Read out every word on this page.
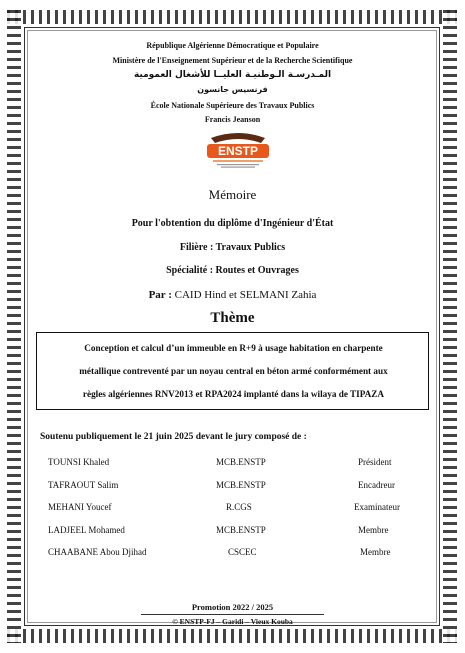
République Algérienne Démocratique et Populaire
Ministère de l'Enseignement Supérieur et de la Recherche Scientifique
المـدرسـة الـوطنيـة العليــا للأشغال العمومية
فرنسيس جانسون
École Nationale Supérieure des Travaux Publics
Francis Jeanson
ENSTP
Mémoire
Pour l'obtention du diplôme d'Ingénieur d'État
Filière : Travaux Publics
Spécialité : Routes et Ouvrages
Par : CAID Hind et SELMANI Zahia
Thème
Conception et calcul d’un immeuble en R+9 à usage habitation en charpente
métallique contreventé par un noyau central en béton armé conformément aux
règles algériennes RNV2013 et RPA2024 implanté dans la wilaya de TIPAZA
Soutenu publiquement le 21 juin 2025 devant le jury composé de :
TOUNSI Khaled	MCB.ENSTP	Président
TAFRAOUT Salim	MCB.ENSTP	Encadreur
MEHANI Youcef	R.CGS	Examinateur
LADJEEL Mohamed	MCB.ENSTP	Membre
CHAABANE Abou Djihad	CSCEC	Membre
Promotion 2022 / 2025
© ENSTP-FJ – Garidi – Vieux Kouba
